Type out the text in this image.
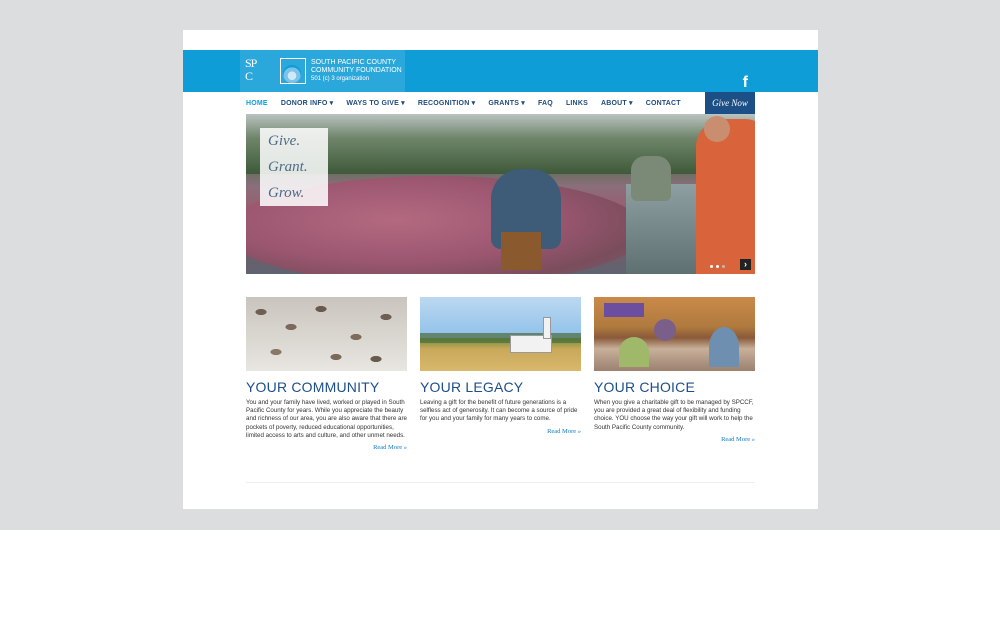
SP
C
SOUTH PACIFIC COUNTY
COMMUNITY FOUNDATION
501 (c) 3 organization	f
HOME DONOR INFO ▾ WAYS TO GIVE ▾ RECOGNITION ▾ GRANTS ▾ FAQ LINKS ABOUT ▾ CONTACT	Give Now
Give.
Grant.
Grow.
›
YOUR COMMUNITY

You and your family have lived, worked or played in South Pacific County for years. While you appreciate the beauty and richness of our area, you are also aware that there are pockets of poverty, reduced educational opportunities, limited access to arts and culture, and other unmet needs.

Read More »
YOUR LEGACY

Leaving a gift for the benefit of future generations is a selfless act of generosity. It can become a source of pride for you and your family for many years to come.

Read More »
YOUR CHOICE

When you give a charitable gift to be managed by SPCCF, you are provided a great deal of flexibility and funding choice. YOU choose the way your gift will work to help the South Pacific County community.

Read More »
